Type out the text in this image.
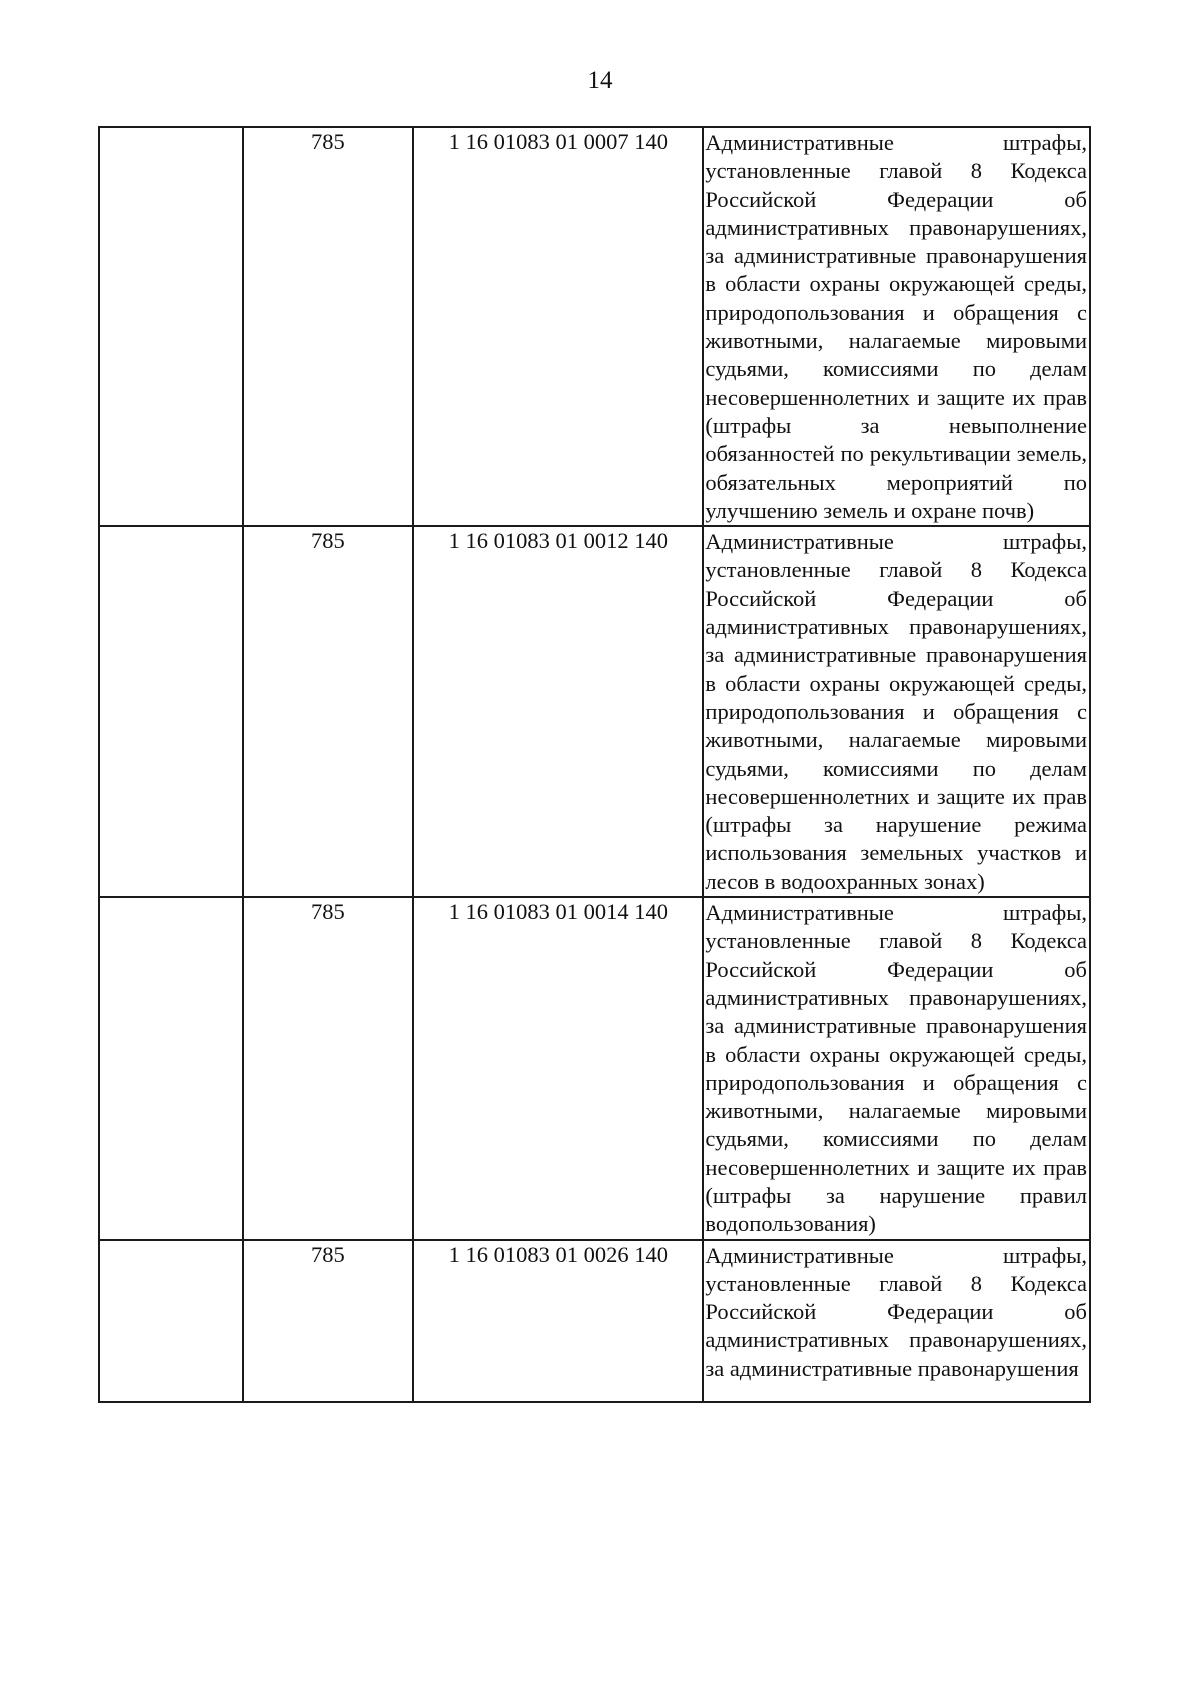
14
	785	1 16 01083 01 0007 140	Административные штрафы, установленные главой 8 Кодекса Российской Федерации об административных правонарушениях, за административные правонарушения в области охраны окружающей среды, природопользования и обращения с животными, налагаемые мировыми судьями, комиссиями по делам несовершеннолетних и защите их прав (штрафы за невыполнение обязанностей по рекультивации земель, обязательных мероприятий по улучшению земель и охране почв)

	785	1 16 01083 01 0012 140	Административные штрафы, установленные главой 8 Кодекса Российской Федерации об административных правонарушениях, за административные правонарушения в области охраны окружающей среды, природопользования и обращения с животными, налагаемые мировыми судьями, комиссиями по делам несовершеннолетних и защите их прав (штрафы за нарушение режима использования земельных участков и лесов в водоохранных зонах)

	785	1 16 01083 01 0014 140	Административные штрафы, установленные главой 8 Кодекса Российской Федерации об административных правонарушениях, за административные правонарушения в области охраны окружающей среды, природопользования и обращения с животными, налагаемые мировыми судьями, комиссиями по делам несовершеннолетних и защите их прав (штрафы за нарушение правил водопользования)

	785	1 16 01083 01 0026 140	Административные штрафы, установленные главой 8 Кодекса Российской Федерации об административных правонарушениях, за административные правонарушения
